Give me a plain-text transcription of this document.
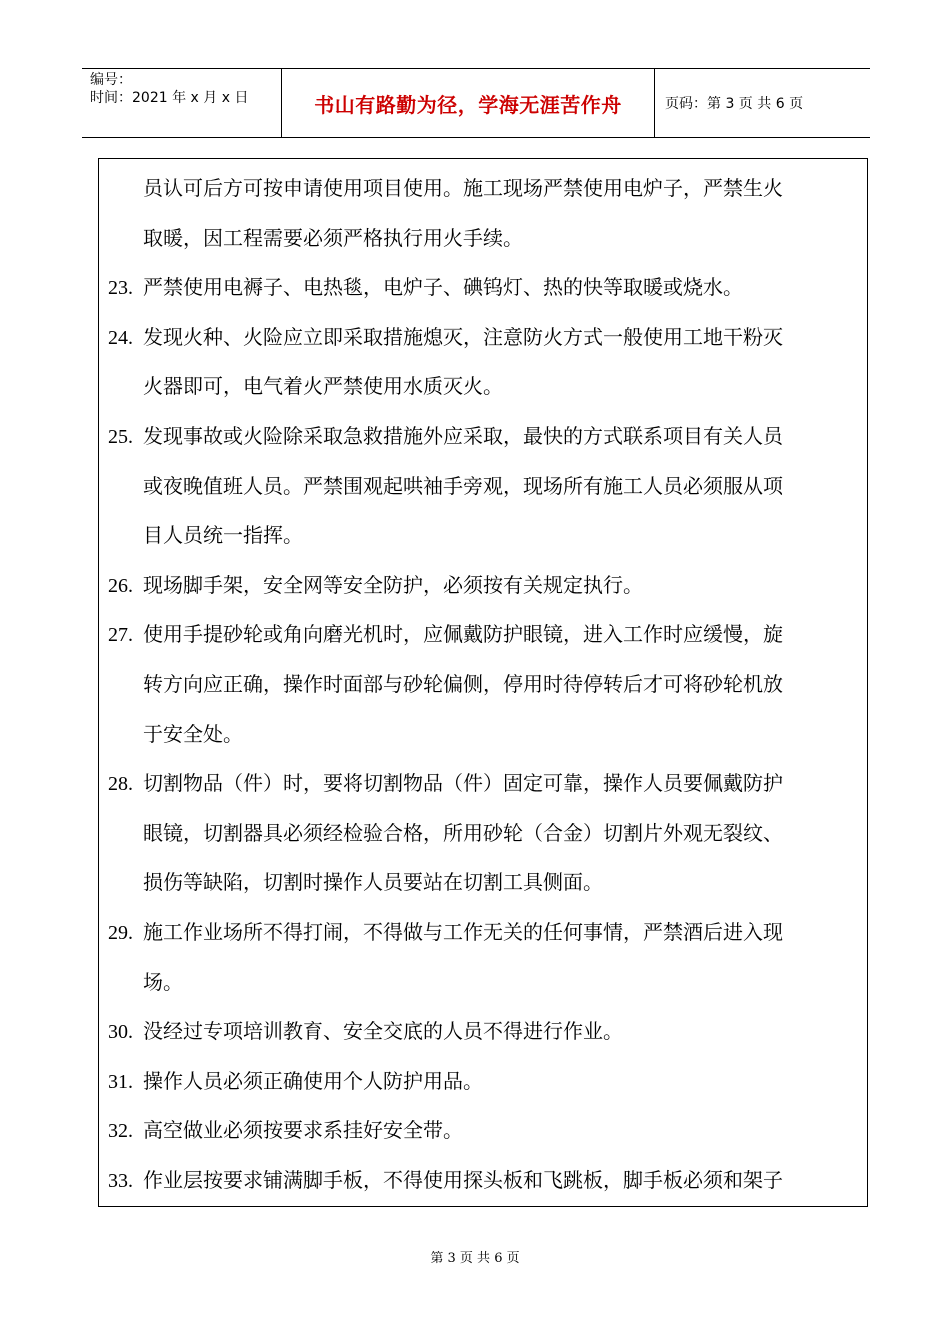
编号：
时间：2021 年 x 月 x 日	书山有路勤为径，学海无涯苦作舟	页码：第 3 页 共 6 页
员认可后方可按申请使用项目使用。施工现场严禁使用电炉子，严禁生火
取暖，因工程需要必须严格执行用火手续。
23. 严禁使用电褥子、电热毯，电炉子、碘钨灯、热的快等取暖或烧水。
24. 发现火种、火险应立即采取措施熄灭，注意防火方式一般使用工地干粉灭
火器即可，电气着火严禁使用水质灭火。
25. 发现事故或火险除采取急救措施外应采取，最快的方式联系项目有关人员
或夜晚值班人员。严禁围观起哄袖手旁观，现场所有施工人员必须服从项
目人员统一指挥。
26. 现场脚手架，安全网等安全防护，必须按有关规定执行。
27. 使用手提砂轮或角向磨光机时，应佩戴防护眼镜，进入工作时应缓慢，旋
转方向应正确，操作时面部与砂轮偏侧，停用时待停转后才可将砂轮机放
于安全处。
28. 切割物品（件）时，要将切割物品（件）固定可靠，操作人员要佩戴防护
眼镜，切割器具必须经检验合格，所用砂轮（合金）切割片外观无裂纹、
损伤等缺陷，切割时操作人员要站在切割工具侧面。
29. 施工作业场所不得打闹，不得做与工作无关的任何事情，严禁酒后进入现
场。
30. 没经过专项培训教育、安全交底的人员不得进行作业。
31. 操作人员必须正确使用个人防护用品。
32. 高空做业必须按要求系挂好安全带。
33. 作业层按要求铺满脚手板，不得使用探头板和飞跳板，脚手板必须和架子
第 3 页 共 6 页
